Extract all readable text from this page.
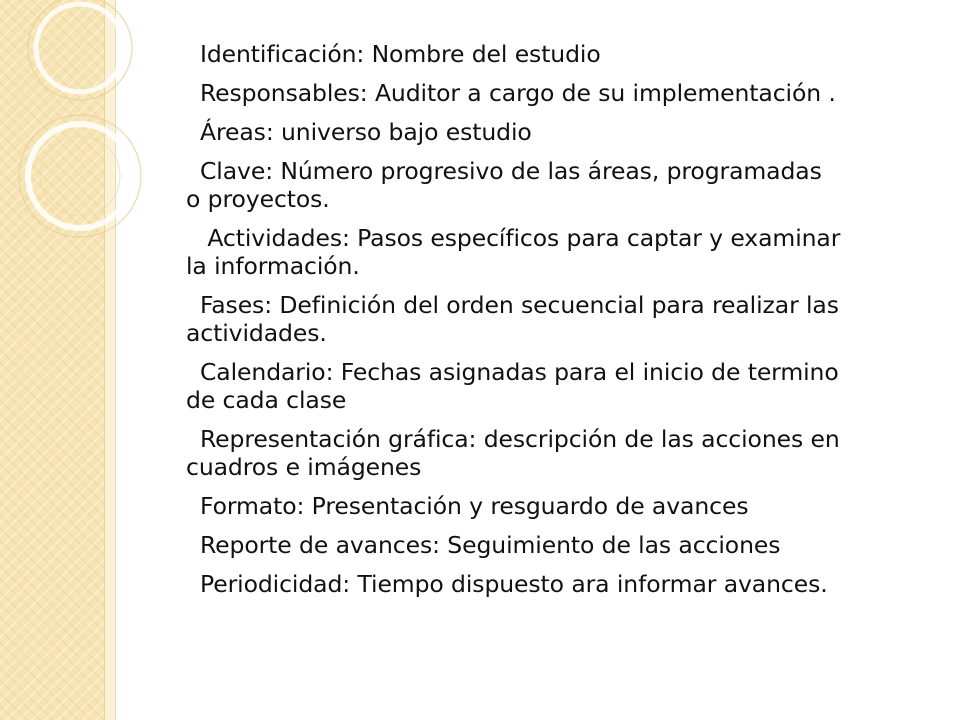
Identificación: Nombre del estudio
Responsables: Auditor a cargo de su implementación .
Áreas: universo bajo estudio
Clave: Número progresivo de las áreas, programadas
o proyectos.
Actividades: Pasos específicos para captar y examinar
la información.
Fases: Definición del orden secuencial para realizar las
actividades.
Calendario: Fechas asignadas para el inicio de termino
de cada clase
Representación gráfica: descripción de las acciones en
cuadros e imágenes
Formato: Presentación y resguardo de avances
Reporte de avances: Seguimiento de las acciones
Periodicidad: Tiempo dispuesto ara informar avances.
